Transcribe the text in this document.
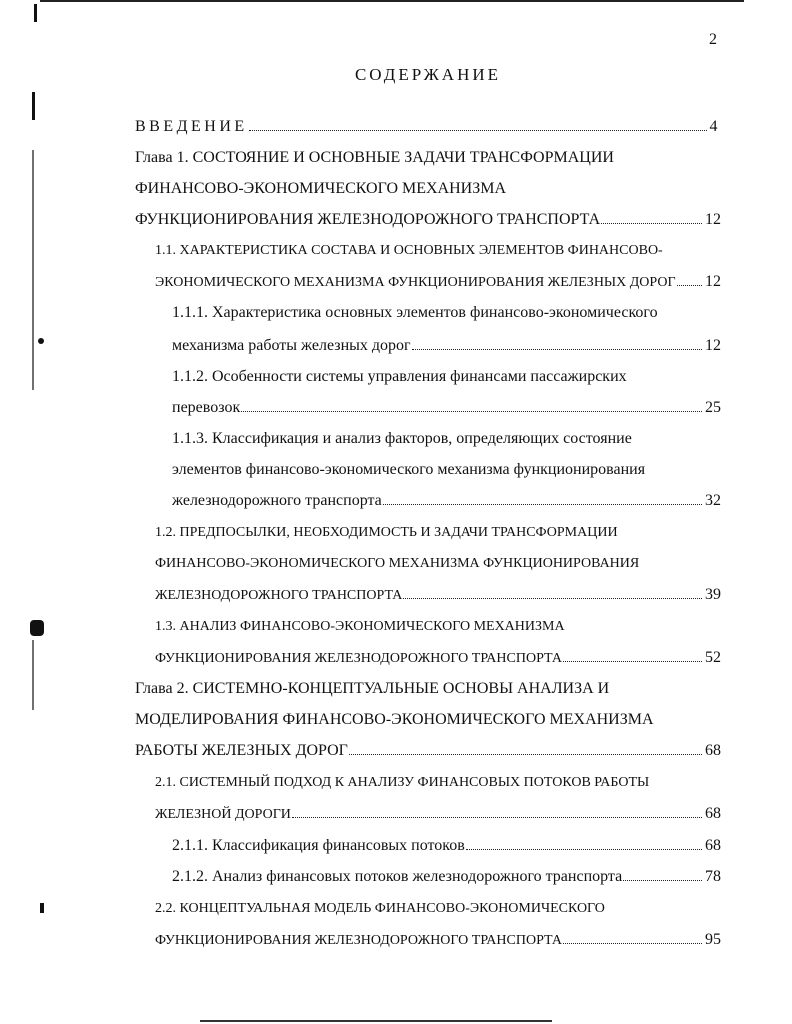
2
СОДЕРЖАНИЕ
ВВЕДЕНИЕ	4
Глава 1. СОСТОЯНИЕ И ОСНОВНЫЕ ЗАДАЧИ ТРАНСФОРМАЦИИ
ФИНАНСОВО-ЭКОНОМИЧЕСКОГО МЕХАНИЗМА
ФУНКЦИОНИРОВАНИЯ ЖЕЛЕЗНОДОРОЖНОГО ТРАНСПОРТА	12
1.1. ХАРАКТЕРИСТИКА СОСТАВА И ОСНОВНЫХ ЭЛЕМЕНТОВ ФИНАНСОВО-
ЭКОНОМИЧЕСКОГО МЕХАНИЗМА ФУНКЦИОНИРОВАНИЯ ЖЕЛЕЗНЫХ ДОРОГ 12
1.1.1. Характеристика основных элементов финансово-экономического
механизма работы железных дорог	12
1.1.2. Особенности системы управления финансами пассажирских
перевозок	25
1.1.3. Классификация и анализ факторов, определяющих состояние
элементов финансово-экономического механизма функционирования
железнодорожного транспорта	32
1.2. ПРЕДПОСЫЛКИ, НЕОБХОДИМОСТЬ И ЗАДАЧИ ТРАНСФОРМАЦИИ
ФИНАНСОВО-ЭКОНОМИЧЕСКОГО МЕХАНИЗМА ФУНКЦИОНИРОВАНИЯ
ЖЕЛЕЗНОДОРОЖНОГО ТРАНСПОРТА	39
1.3. АНАЛИЗ ФИНАНСОВО-ЭКОНОМИЧЕСКОГО МЕХАНИЗМА
ФУНКЦИОНИРОВАНИЯ ЖЕЛЕЗНОДОРОЖНОГО ТРАНСПОРТА	52
Глава 2. СИСТЕМНО-КОНЦЕПТУАЛЬНЫЕ ОСНОВЫ АНАЛИЗА И
МОДЕЛИРОВАНИЯ ФИНАНСОВО-ЭКОНОМИЧЕСКОГО МЕХАНИЗМА
РАБОТЫ ЖЕЛЕЗНЫХ ДОРОГ	68
2.1. СИСТЕМНЫЙ ПОДХОД К АНАЛИЗУ ФИНАНСОВЫХ ПОТОКОВ РАБОТЫ
ЖЕЛЕЗНОЙ ДОРОГИ	68
2.1.1. Классификация финансовых потоков	68
2.1.2. Анализ финансовых потоков железнодорожного транспорта	78
2.2. КОНЦЕПТУАЛЬНАЯ МОДЕЛЬ ФИНАНСОВО-ЭКОНОМИЧЕСКОГО
ФУНКЦИОНИРОВАНИЯ ЖЕЛЕЗНОДОРОЖНОГО ТРАНСПОРТА	95
